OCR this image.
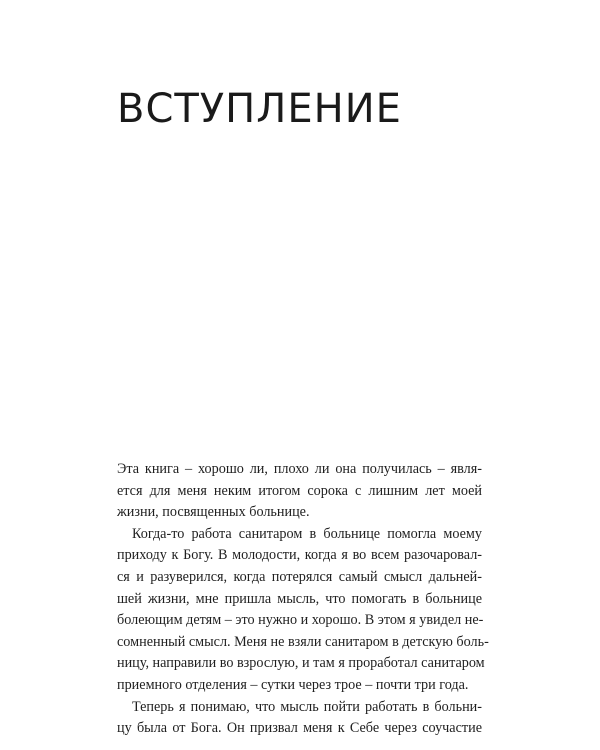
ВСТУПЛЕНИЕ
Эта книга – хорошо ли, плохо ли она получилась – явля-
ется для меня неким итогом сорока с лишним лет моей
жизни, посвященных больнице.
Когда-то работа санитаром в больнице помогла моему
приходу к Богу. В молодости, когда я во всем разочаровал-
ся и разуверился, когда потерялся самый смысл дальней-
шей жизни, мне пришла мысль, что помогать в больнице
болеющим детям – это нужно и хорошо. В этом я увидел не-
сомненный смысл. Меня не взяли санитаром в детскую боль-
ницу, направили во взрослую, и там я проработал санитаром
приемного отделения – сутки через трое – почти три года.
Теперь я понимаю, что мысль пойти работать в больни-
цу была от Бога. Он призвал меня к Себе через соучастие
